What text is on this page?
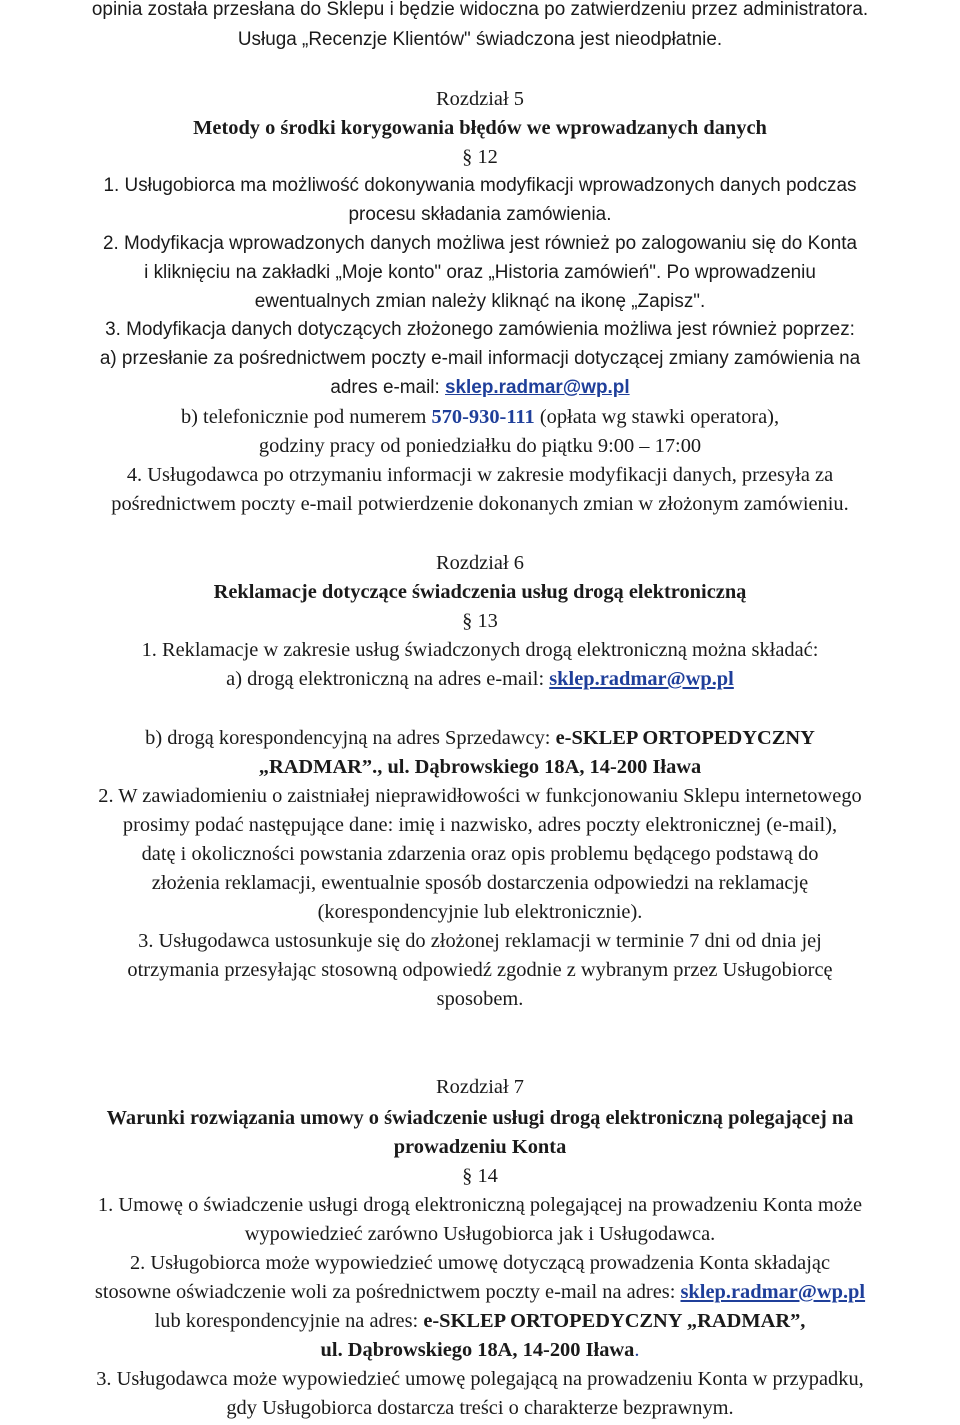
opinia została przesłana do Sklepu i będzie widoczna po zatwierdzeniu przez administratora.
Usługa „Recenzje Klientów" świadczona jest nieodpłatnie.
Rozdział 5
Metody o środki korygowania błędów we wprowadzanych danych
§ 12
1. Usługobiorca ma możliwość dokonywania modyfikacji wprowadzonych danych podczas
procesu składania zamówienia.
2. Modyfikacja wprowadzonych danych możliwa jest również po zalogowaniu się do Konta
i kliknięciu na zakładki „Moje konto" oraz „Historia zamówień". Po wprowadzeniu
ewentualnych zmian należy kliknąć na ikonę „Zapisz".
3. Modyfikacja danych dotyczących złożonego zamówienia możliwa jest również poprzez:
a) przesłanie za pośrednictwem poczty e-mail informacji dotyczącej zmiany zamówienia na
adres e-mail: sklep.radmar@wp.pl
b) telefonicznie pod numerem 570-930-111 (opłata wg stawki operatora),
godziny pracy od poniedziałku do piątku 9:00 – 17:00
4. Usługodawca po otrzymaniu informacji w zakresie modyfikacji danych, przesyła za
pośrednictwem poczty e-mail potwierdzenie dokonanych zmian w złożonym zamówieniu.
Rozdział 6
Reklamacje dotyczące świadczenia usług drogą elektroniczną
§ 13
1. Reklamacje w zakresie usług świadczonych drogą elektroniczną można składać:
a) drogą elektroniczną na adres e-mail: sklep.radmar@wp.pl
b) drogą korespondencyjną na adres Sprzedawcy: e-SKLEP ORTOPEDYCZNY
„RADMAR”., ul. Dąbrowskiego 18A, 14-200 Iława
2. W zawiadomieniu o zaistniałej nieprawidłowości w funkcjonowaniu Sklepu internetowego
prosimy podać następujące dane: imię i nazwisko, adres poczty elektronicznej (e-mail),
datę i okoliczności powstania zdarzenia oraz opis problemu będącego podstawą do
złożenia reklamacji, ewentualnie sposób dostarczenia odpowiedzi na reklamację
(korespondencyjnie lub elektronicznie).
3. Usługodawca ustosunkuje się do złożonej reklamacji w terminie 7 dni od dnia jej
otrzymania przesyłając stosowną odpowiedź zgodnie z wybranym przez Usługobiorcę
sposobem.
Rozdział 7
Warunki rozwiązania umowy o świadczenie usługi drogą elektroniczną polegającej na
prowadzeniu Konta
§ 14
1. Umowę o świadczenie usługi drogą elektroniczną polegającej na prowadzeniu Konta może
wypowiedzieć zarówno Usługobiorca jak i Usługodawca.
2. Usługobiorca może wypowiedzieć umowę dotyczącą prowadzenia Konta składając
stosowne oświadczenie woli za pośrednictwem poczty e-mail na adres: sklep.radmar@wp.pl
lub korespondencyjnie na adres: e-SKLEP ORTOPEDYCZNY „RADMAR”,
ul. Dąbrowskiego 18A, 14-200 Iława.
3. Usługodawca może wypowiedzieć umowę polegającą na prowadzeniu Konta w przypadku,
gdy Usługobiorca dostarcza treści o charakterze bezprawnym.
